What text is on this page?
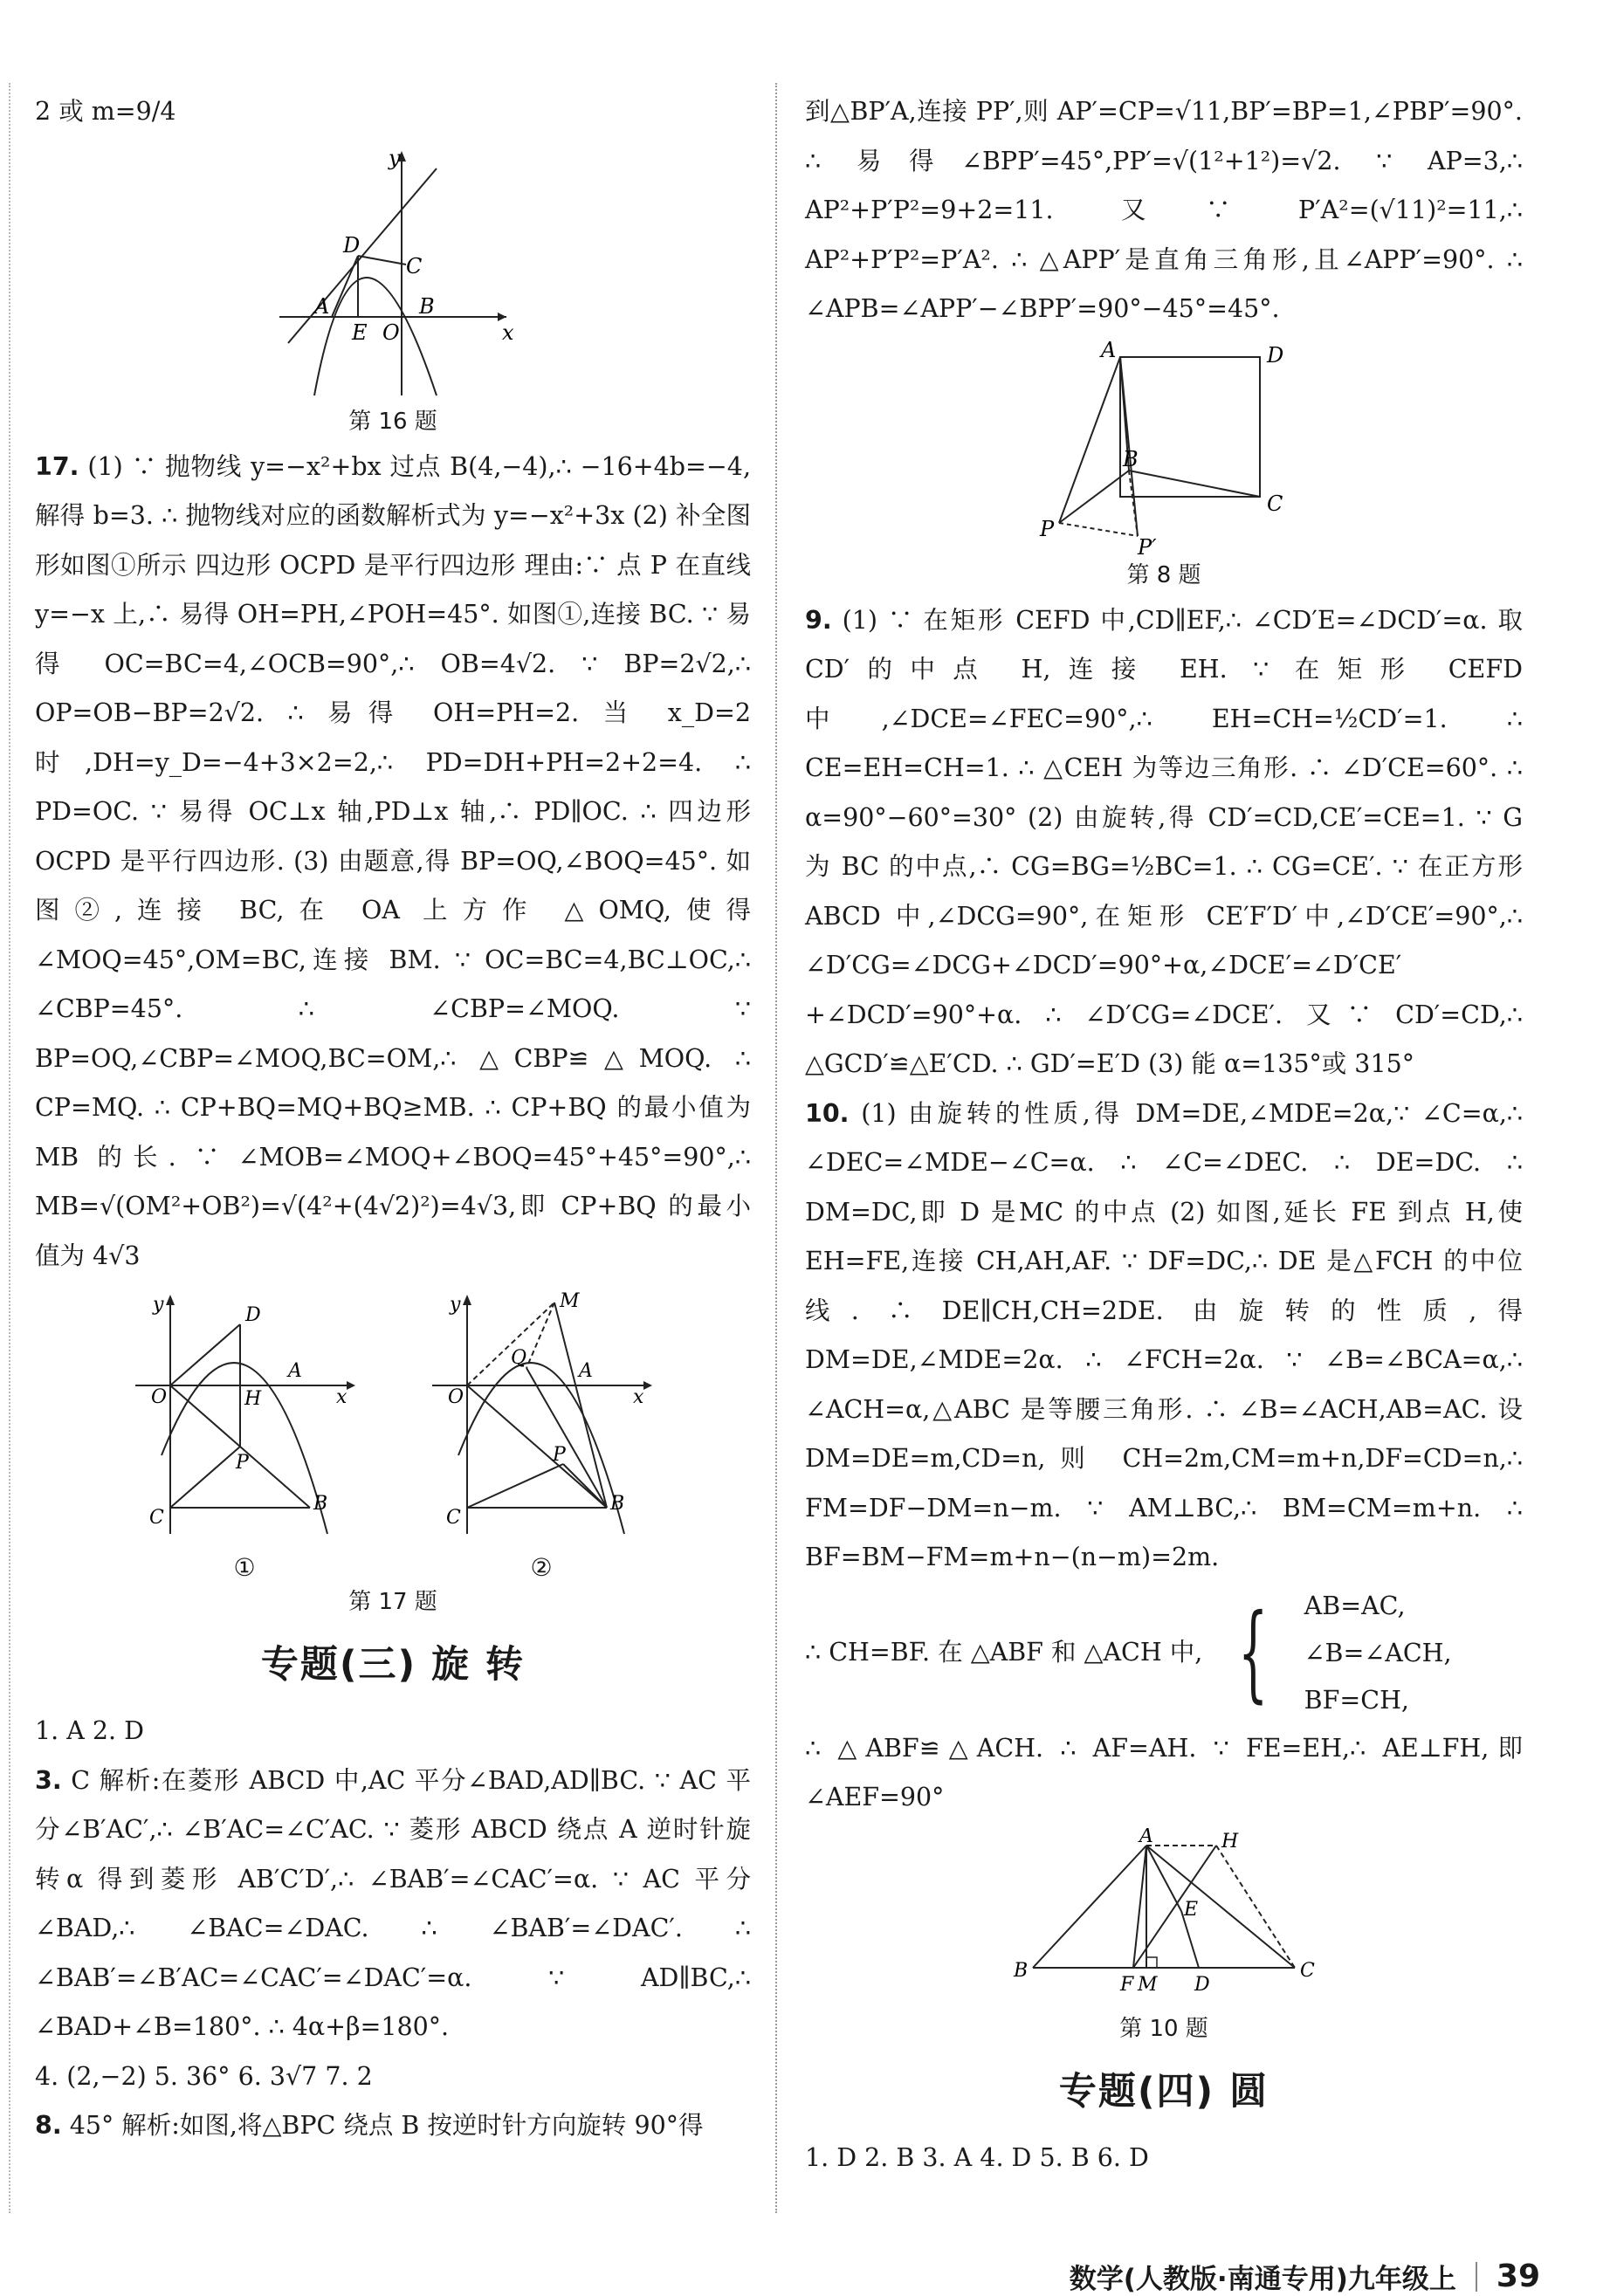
2 或 m=9/4

A	B
C
D
E O
y
x
第 16 题

17. (1) ∵ 抛物线 y=−x²+bx 过点 B(4,−4),∴ −16+4b=−4,解得 b=3. ∴ 抛物线对应的函数解析式为 y=−x²+3x (2) 补全图形如图①所示 四边形 OCPD 是平行四边形 理由:∵ 点 P 在直线 y=−x 上,∴ 易得 OH=PH,∠POH=45°. 如图①,连接 BC. ∵ 易得 OC=BC=4,∠OCB=90°,∴ OB=4√2. ∵ BP=2√2,∴ OP=OB−BP=2√2. ∴ 易得 OH=PH=2. 当 x_D=2 时,DH=y_D=−4+3×2=2,∴ PD=DH+PH=2+2=4. ∴ PD=OC. ∵ 易得 OC⊥x 轴,PD⊥x 轴,∴ PD∥OC. ∴ 四边形 OCPD 是平行四边形. (3) 由题意,得 BP=OQ,∠BOQ=45°. 如图②,连接 BC,在 OA 上方作 △OMQ,使得 ∠MOQ=45°,OM=BC,连接 BM. ∵ OC=BC=4,BC⊥OC,∴ ∠CBP=45°. ∴ ∠CBP=∠MOQ. ∵ BP=OQ,∠CBP=∠MOQ,BC=OM,∴ △CBP≌△MOQ. ∴ CP=MQ. ∴ CP+BQ=MQ+BQ≥MB. ∴ CP+BQ 的最小值为MB 的长. ∵ ∠MOB=∠MOQ+∠BOQ=45°+45°=90°,∴ MB=√(OM²+OB²)=√(4²+(4√2)²)=4√3,即 CP+BQ 的最小值为 4√3

y	D
A
x
O	H
P
B
C
①
y	M
Q
A
x
O
P
B
C
②
第 17 题
专题(三) 旋 转

1. A 2. D

3. C 解析:在菱形 ABCD 中,AC 平分∠BAD,AD∥BC. ∵ AC 平分∠B′AC′,∴ ∠B′AC=∠C′AC. ∵ 菱形 ABCD 绕点 A 逆时针旋转α 得到菱形 AB′C′D′,∴ ∠BAB′=∠CAC′=α. ∵ AC 平分∠BAD,∴ ∠BAC=∠DAC. ∴ ∠BAB′=∠DAC′. ∴ ∠BAB′=∠B′AC=∠CAC′=∠DAC′=α. ∵ AD∥BC,∴ ∠BAD+∠B=180°. ∴ 4α+β=180°.

4. (2,−2) 5. 36° 6. 3√7 7. 2

8. 45° 解析:如图,将△BPC 绕点 B 按逆时针方向旋转 90°得

到△BP′A,连接 PP′,则 AP′=CP=√11,BP′=BP=1,∠PBP′=90°. ∴ 易得∠BPP′=45°,PP′=√(1²+1²)=√2. ∵ AP=3,∴ AP²+P′P²=9+2=11. 又∵ P′A²=(√11)²=11,∴ AP²+P′P²=P′A². ∴ △APP′是直角三角形,且∠APP′=90°. ∴ ∠APB=∠APP′−∠BPP′=90°−45°=45°.

A	D
C
B
P
P′
第 8 题

9. (1) ∵ 在矩形 CEFD 中,CD∥EF,∴ ∠CD′E=∠DCD′=α. 取 CD′的中点 H,连接 EH. ∵ 在矩形 CEFD 中,∠DCE=∠FEC=90°,∴ EH=CH=½CD′=1. ∴ CE=EH=CH=1. ∴ △CEH 为等边三角形. ∴ ∠D′CE=60°. ∴ α=90°−60°=30° (2) 由旋转,得 CD′=CD,CE′=CE=1. ∵ G 为 BC 的中点,∴ CG=BG=½BC=1. ∴ CG=CE′. ∵ 在正方形 ABCD 中,∠DCG=90°,在矩形 CE′F′D′中,∠D′CE′=90°,∴ ∠D′CG=∠DCG+∠DCD′=90°+α,∠DCE′=∠D′CE′+∠DCD′=90°+α. ∴ ∠D′CG=∠DCE′. 又∵ CD′=CD,∴ △GCD′≌△E′CD. ∴ GD′=E′D (3) 能 α=135°或 315°

10. (1) 由旋转的性质,得 DM=DE,∠MDE=2α,∵ ∠C=α,∴ ∠DEC=∠MDE−∠C=α. ∴ ∠C=∠DEC. ∴ DE=DC. ∴ DM=DC,即 D 是MC 的中点 (2) 如图,延长 FE 到点 H,使 EH=FE,连接 CH,AH,AF. ∵ DF=DC,∴ DE 是△FCH 的中位线. ∴ DE∥CH,CH=2DE. 由旋转的性质,得 DM=DE,∠MDE=2α. ∴ ∠FCH=2α. ∵ ∠B=∠BCA=α,∴ ∠ACH=α,△ABC 是等腰三角形. ∴ ∠B=∠ACH,AB=AC. 设 DM=DE=m,CD=n,则 CH=2m,CM=m+n,DF=CD=n,∴ FM=DF−DM=n−m. ∵ AM⊥BC,∴ BM=CM=m+n. ∴ BF=BM−FM=m+n−(n−m)=2m.

∴ CH=BF. 在 △ABF 和 △ACH 中, { AB=AC,
∠B=∠ACH,
BF=CH,

∴ △ABF≌△ACH. ∴ AF=AH. ∵ FE=EH,∴ AE⊥FH,即∠AEF=90°

A	H
B	C
E
F M D
第 10 题
专题(四) 圆

1. D 2. B 3. A 4. D 5. B 6. D

数学(人教版·南通专用)九年级上 39
